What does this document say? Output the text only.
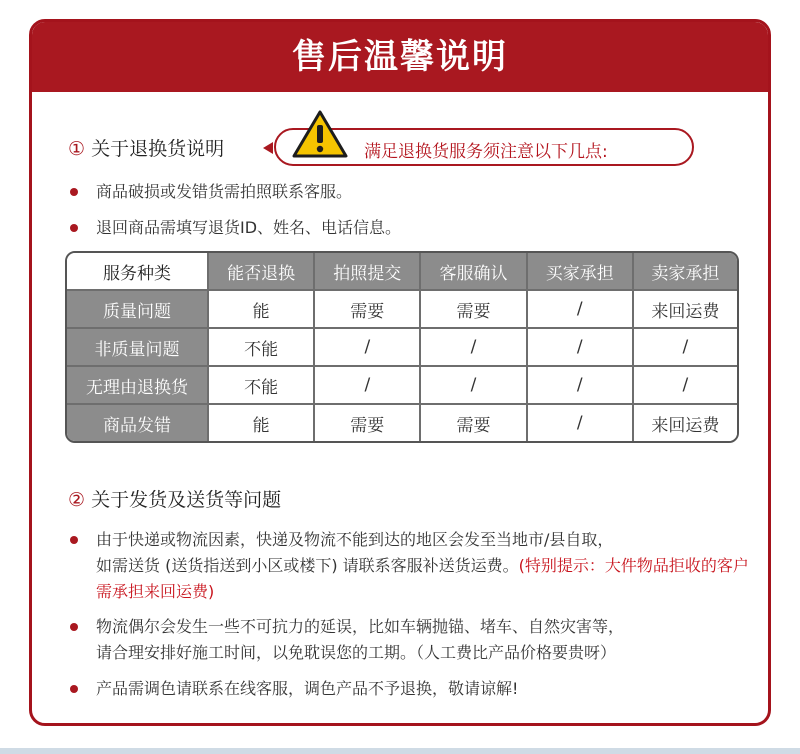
售后温馨说明
① 关于退换货说明	满足退换货服务须注意以下几点:
商品破损或发错货需拍照联系客服。
退回商品需填写退货ID、姓名、电话信息。
服务种类	能否退换	拍照提交	客服确认	买家承担	卖家承担
质量问题	能	需要	需要	/	来回运费
非质量问题	不能	/	/	/	/
无理由退换货	不能	/	/	/	/
商品发错	能	需要	需要	/	来回运费
② 关于发货及送货等问题
由于快递或物流因素，快递及物流不能到达的地区会发至当地市/县自取，
如需送货 (送货指送到小区或楼下) 请联系客服补送货运费。(特别提示：大件物品拒收的客户需承担来回运费)
物流偶尔会发生一些不可抗力的延误，比如车辆抛锚、堵车、自然灾害等，
请合理安排好施工时间，以免耽误您的工期。（人工费比产品价格要贵呀）
产品需调色请联系在线客服，调色产品不予退换，敬请谅解!
